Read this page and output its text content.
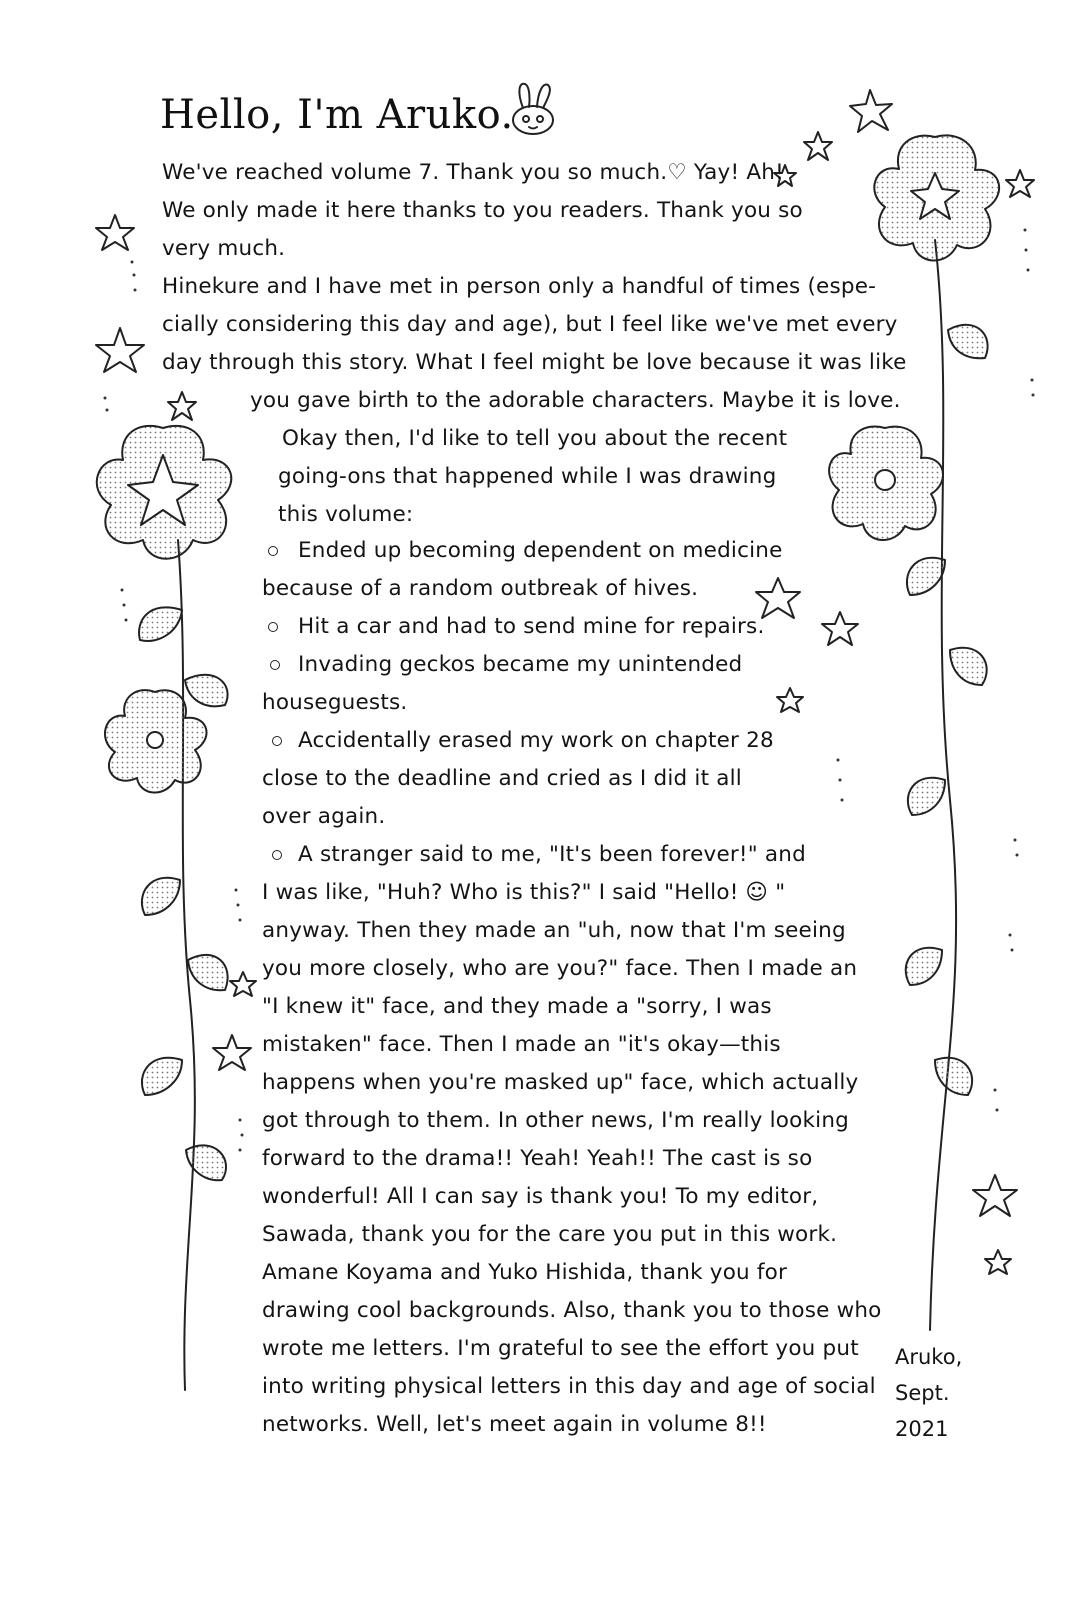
Hello, I'm Aruko.
We've reached volume 7. Thank you so much.♡ Yay! Ah!
We only made it here thanks to you readers. Thank you so
very much.
Hinekure and I have met in person only a handful of times (espe-
cially considering this day and age), but I feel like we've met every
day through this story. What I feel might be love because it was like
you gave birth to the adorable characters. Maybe it is love.
Okay then, I'd like to tell you about the recent
going-ons that happened while I was drawing
this volume:
Ended up becoming dependent on medicine
because of a random outbreak of hives.
Hit a car and had to send mine for repairs.
Invading geckos became my unintended
houseguests.
Accidentally erased my work on chapter 28
close to the deadline and cried as I did it all
over again.
A stranger said to me, "It's been forever!" and
I was like, "Huh? Who is this?" I said "Hello! ☺ "
anyway. Then they made an "uh, now that I'm seeing
you more closely, who are you?" face. Then I made an
"I knew it" face, and they made a "sorry, I was
mistaken" face. Then I made an "it's okay—this
happens when you're masked up" face, which actually
got through to them. In other news, I'm really looking
forward to the drama!! Yeah! Yeah!! The cast is so
wonderful! All I can say is thank you! To my editor,
Sawada, thank you for the care you put in this work.
Amane Koyama and Yuko Hishida, thank you for
drawing cool backgrounds. Also, thank you to those who
wrote me letters. I'm grateful to see the effort you put
into writing physical letters in this day and age of social
networks. Well, let's meet again in volume 8!!
Aruko,
Sept.
2021
